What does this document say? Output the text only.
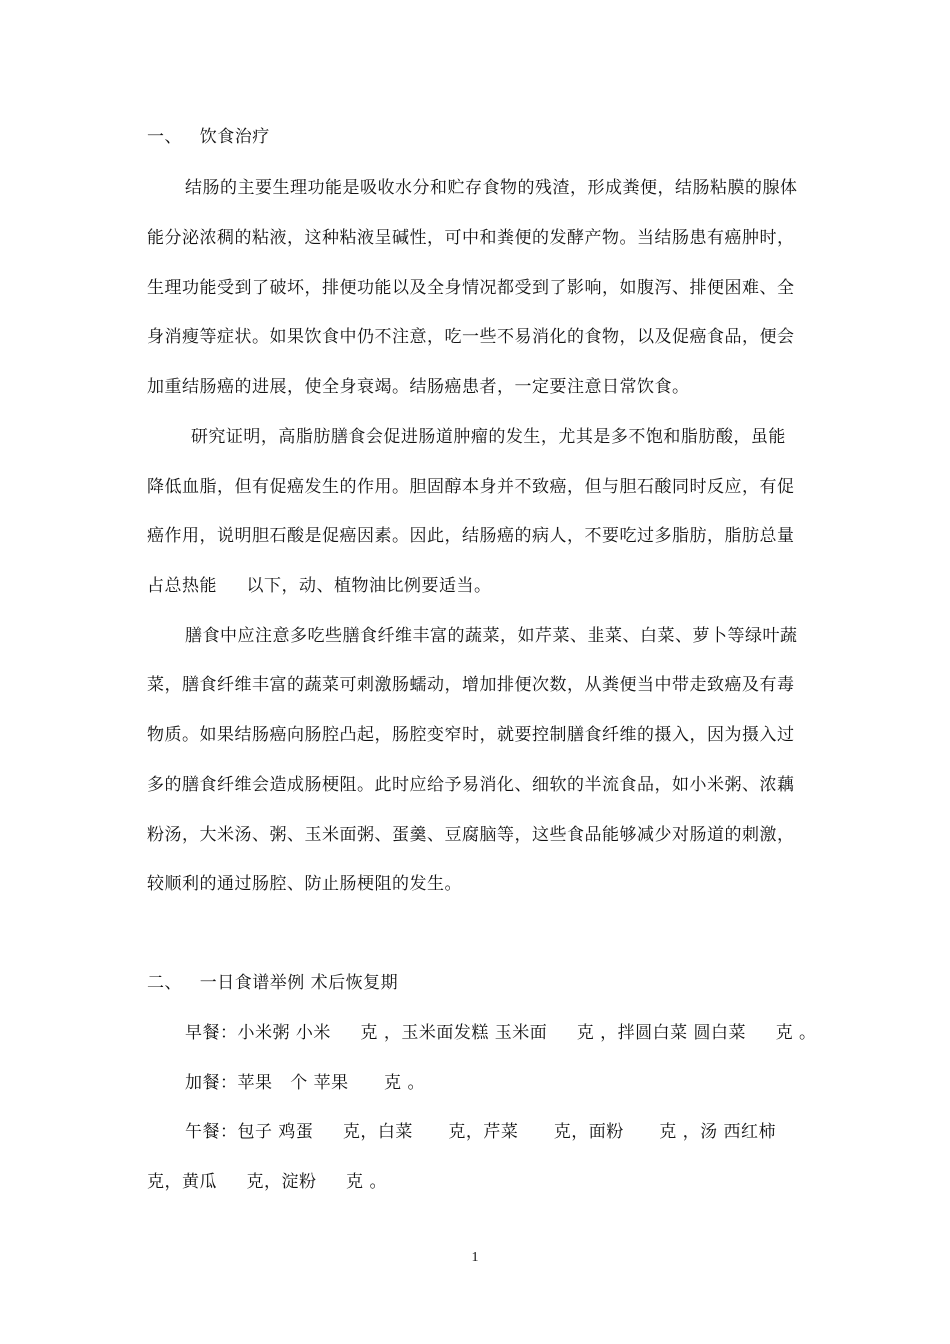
一、   饮食治疗
结肠的主要生理功能是吸收水分和贮存食物的残渣，形成粪便，结肠粘膜的腺体
能分泌浓稠的粘液，这种粘液呈碱性，可中和粪便的发酵产物。当结肠患有癌肿时，
生理功能受到了破坏，排便功能以及全身情况都受到了影响，如腹泻、排便困难、全
身消瘦等症状。如果饮食中仍不注意，吃一些不易消化的食物，以及促癌食品，便会
加重结肠癌的进展，使全身衰竭。结肠癌患者，一定要注意日常饮食。
研究证明，高脂肪膳食会促进肠道肿瘤的发生，尤其是多不饱和脂肪酸，虽能
降低血脂，但有促癌发生的作用。胆固醇本身并不致癌，但与胆石酸同时反应，有促
癌作用，说明胆石酸是促癌因素。因此，结肠癌的病人，不要吃过多脂肪，脂肪总量
占总热能     以下，动、植物油比例要适当。
膳食中应注意多吃些膳食纤维丰富的蔬菜，如芹菜、韭菜、白菜、萝卜等绿叶蔬
菜，膳食纤维丰富的蔬菜可刺激肠蠕动，增加排便次数，从粪便当中带走致癌及有毒
物质。如果结肠癌向肠腔凸起，肠腔变窄时，就要控制膳食纤维的摄入，因为摄入过
多的膳食纤维会造成肠梗阻。此时应给予易消化、细软的半流食品，如小米粥、浓藕
粉汤，大米汤、粥、玉米面粥、蛋羹、豆腐脑等，这些食品能够减少对肠道的刺激，
较顺利的通过肠腔、防止肠梗阻的发生。
二、   一日食谱举例 术后恢复期
早餐：小米粥 小米     克 ，玉米面发糕 玉米面     克 ，拌圆白菜 圆白菜     克 。
加餐：苹果   个 苹果      克 。
午餐：包子 鸡蛋     克，白菜      克，芹菜      克，面粉      克 ，汤 西红柿
克，黄瓜     克，淀粉     克 。
1
